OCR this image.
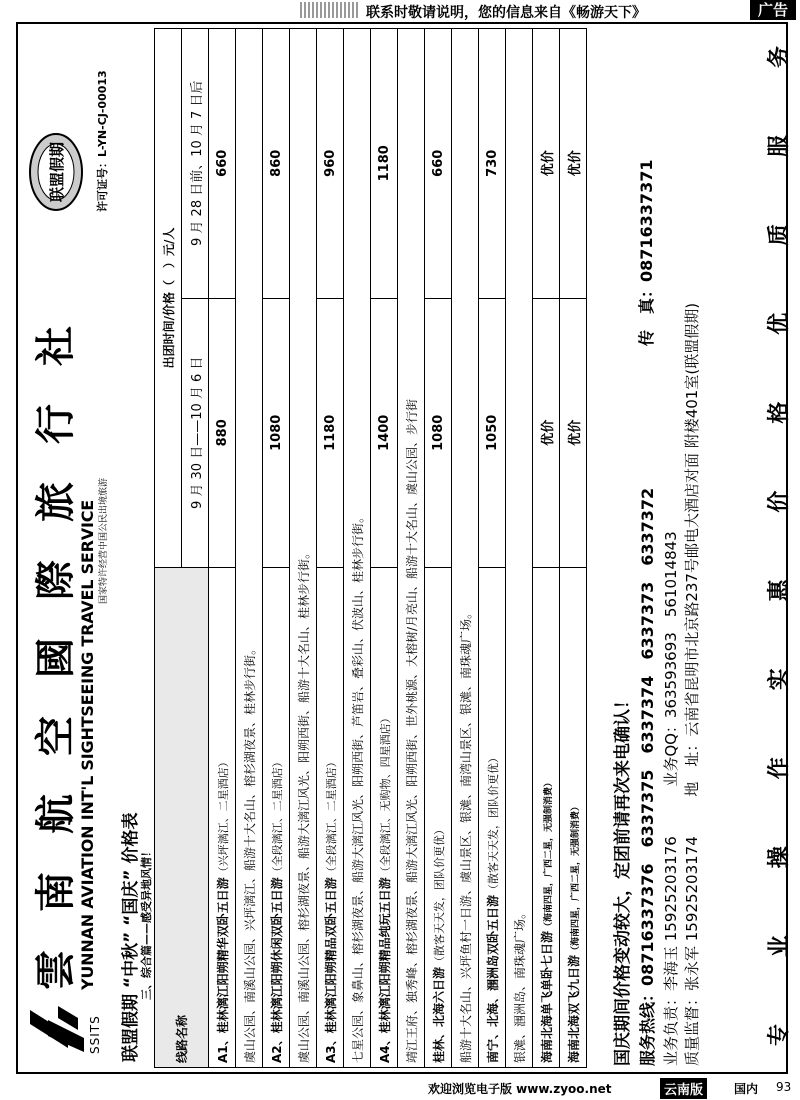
联系时敬请说明，您的信息来自《畅游天下》	广告
SSITS
雲南航空國際旅行社 YUNNAN AVIATION INT'L SIGHTSEEING TRAVEL SERVICE 国家特许经营中国公民出境旅游
联盟假期	许可证号：L-YN-CJ-00013
联盟假期 “中秋” “国庆” 价格表 三、综合篇——感受异地风情！
线路名称	出团时间/价格（　）元/人	
	9 月 30 日——10 月 6 日	9 月 28 日前、10 月 7 日后
A1、桂林漓江阳朔精华双卧五日游（兴坪漓江、二星酒店）	880	660
虞山公园、南溪山公园、兴坪漓江、船游十大名山、榕杉湖夜景、桂林步行街。		
A2、桂林漓江阳朔休闲双卧五日游（全段漓江、二星酒店）	1080	860
虞山公园、南溪山公园、榕杉湖夜景、船游大漓江风光、阳朔西街、船游十大名山、桂林步行街。		
A3、桂林漓江阳朔精品双卧五日游（全段漓江、二星酒店）	1180	960
七星公园、象鼻山、榕杉湖夜景、船游大漓江风光、阳朔西街、芦笛岩、叠彩山、伏波山、桂林步行街。		
A4、桂林漓江阳朔精品纯玩五日游（全段漓江、无购物、四星酒店）	1400	1180
靖江王府、独秀峰、榕杉湖夜景、船游大漓江风光、阳朔西街、世外桃源、大榕树/月亮山、船游十大名山、虞山公园、步行街		
桂林、北海六日游（散客天天发，团队价更优）	1080	660
船游十大名山、兴坪鱼村一日游、虞山景区、银滩、南湾山景区、银滩、南珠魂广场。		
南宁、北海、涠洲岛双卧五日游（散客天天发，团队价更优）	1050	730
银滩、涠洲岛、南珠魂广场。		
海南北海单飞单卧七日游（海南四星，广西二星，无强制消费）	优价	优价
海南北海双飞九日游（海南四星，广西二星，无强制消费）	优价	优价
国庆期间价格变动较大，定团前请再次来电确认！ 服务热线：08716337376　6337375　6337374　6337373　6337372
传　真：08716337371
业务负责：李海玉 15925203176  业务QQ：363593693　561014843
质量监督：张永军 15925203174  地　址：云南省昆明市北京路237号邮电大酒店对面 附楼401室(联盟假期)
专
业
操
作
实
惠
价
格
优
质
服
务
欢迎浏览电子版 www.zyoo.net	云南版	国内 93
